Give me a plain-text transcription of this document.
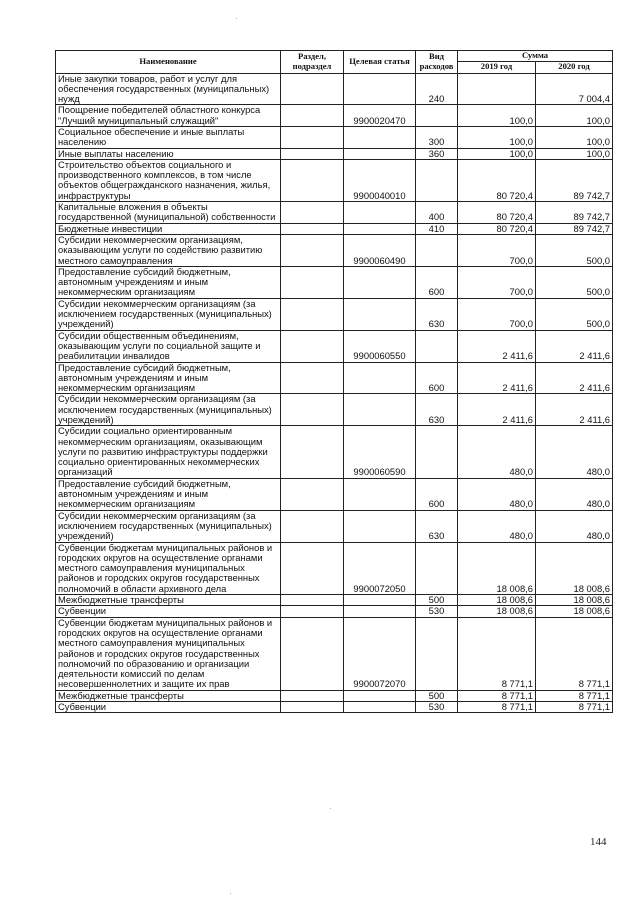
Наименование	Раздел, подраздел	Целевая статья	Вид расходов	Сумма	
				2019 год	2020 год
Иные закупки товаров, работ и услуг для обеспечения государственных (муниципальных) нужд			240		7 004,4
Поощрение победителей областного конкурса "Лучший муниципальный служащий"		9900020470		100,0	100,0
Социальное обеспечение и иные выплаты населению			300	100,0	100,0
Иные выплаты населению			360	100,0	100,0
Строительство объектов социального и производственного комплексов, в том числе объектов общегражданского назначения, жилья, инфраструктуры		9900040010		80 720,4	89 742,7
Капитальные вложения в объекты государственной (муниципальной) собственности			400	80 720,4	89 742,7
Бюджетные инвестиции			410	80 720,4	89 742,7
Субсидии некоммерческим организациям, оказывающим услуги по содействию развитию местного самоуправления		9900060490		700,0	500,0
Предоставление субсидий бюджетным, автономным учреждениям и иным некоммерческим организациям			600	700,0	500,0
Субсидии некоммерческим организациям (за исключением государственных (муниципальных) учреждений)			630	700,0	500,0
Субсидии общественным объединениям, оказывающим услуги по социальной защите и реабилитации инвалидов		9900060550		2 411,6	2 411,6
Предоставление субсидий бюджетным, автономным учреждениям и иным некоммерческим организациям			600	2 411,6	2 411,6
Субсидии некоммерческим организациям (за исключением государственных (муниципальных) учреждений)			630	2 411,6	2 411,6
Субсидии социально ориентированным некоммерческим организациям, оказывающим услуги по развитию инфраструктуры поддержки социально ориентированных некоммерческих организаций		9900060590		480,0	480,0
Предоставление субсидий бюджетным, автономным учреждениям и иным некоммерческим организациям			600	480,0	480,0
Субсидии некоммерческим организациям (за исключением государственных (муниципальных) учреждений)			630	480,0	480,0
Субвенции бюджетам муниципальных районов и городских округов на осуществление органами местного самоуправления муниципальных районов и городских округов государственных полномочий в области архивного дела		9900072050		18 008,6	18 008,6
Межбюджетные трансферты			500	18 008,6	18 008,6
Субвенции			530	18 008,6	18 008,6
Субвенции бюджетам муниципальных районов и городских округов на осуществление органами местного самоуправления муниципальных районов и городских округов государственных полномочий по образованию и организации деятельности комиссий по делам несовершеннолетних и защите их прав		9900072070		8 771,1	8 771,1
Межбюджетные трансферты			500	8 771,1	8 771,1
Субвенции			530	8 771,1	8 771,1
144
